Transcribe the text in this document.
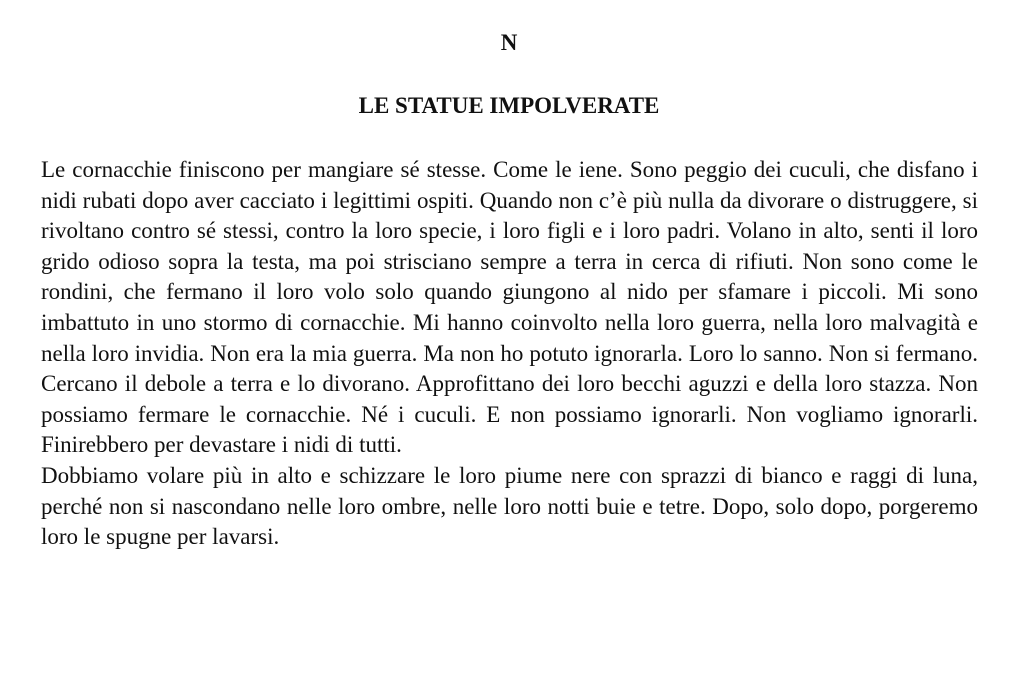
N
LE STATUE IMPOLVERATE

Le cornacchie finiscono per mangiare sé stesse. Come le iene. Sono peggio dei cuculi, che disfano i nidi rubati dopo aver cacciato i legittimi ospiti. Quando non c’è più nulla da divorare o distruggere, si rivoltano contro sé stessi, contro la loro specie, i loro figli e i loro padri. Volano in alto, senti il loro grido odioso sopra la testa, ma poi strisciano sempre a terra in cerca di rifiuti. Non sono come le rondini, che fermano il loro volo solo quando giungono al nido per sfamare i piccoli. Mi sono imbattuto in uno stormo di cornacchie. Mi hanno coinvolto nella loro guerra, nella loro malvagità e nella loro invidia. Non era la mia guerra. Ma non ho potuto ignorarla. Loro lo sanno. Non si fermano. Cercano il debole a terra e lo divorano. Approfittano dei loro becchi aguzzi e della loro stazza. Non possiamo fermare le cornacchie. Né i cuculi. E non possiamo ignorarli. Non vogliamo ignorarli. Finirebbero per devastare i nidi di tutti.

Dobbiamo volare più in alto e schizzare le loro piume nere con sprazzi di bianco e raggi di luna, perché non si nascondano nelle loro ombre, nelle loro notti buie e tetre. Dopo, solo dopo, porgeremo loro le spugne per lavarsi.
